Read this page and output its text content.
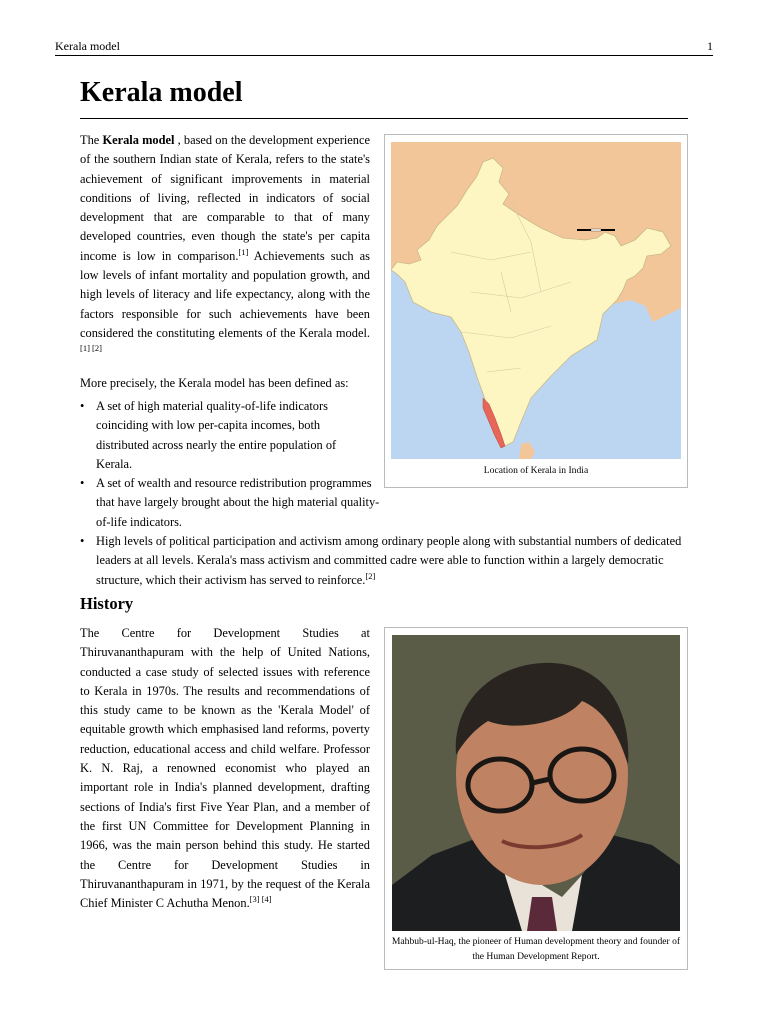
Kerala model	1
Kerala model

The Kerala model , based on the development experience of the southern Indian state of Kerala, refers to the state's achievement of significant improvements in material conditions of living, reflected in indicators of social development that are comparable to that of many developed countries, even though the state's per capita income is low in comparison.[1] Achievements such as low levels of infant mortality and population growth, and high levels of literacy and life expectancy, along with the factors responsible for such achievements have been considered the constituting elements of the Kerala model.[1] [2]

More precisely, the Kerala model has been defined as:

• A set of high material quality-of-life indicators coinciding with low per-capita incomes, both distributed across nearly the entire population of Kerala.
• A set of wealth and resource redistribution programmes that have largely brought about the high material quality-of-life indicators.
• High levels of political participation and activism among ordinary people along with substantial numbers of dedicated leaders at all levels. Kerala's mass activism and committed cadre were able to function within a largely democratic structure, which their activism has served to reinforce.[2]
Location of Kerala in India
History

The Centre for Development Studies at Thiruvananthapuram with the help of United Nations, conducted a case study of selected issues with reference to Kerala in 1970s. The results and recommendations of this study came to be known as the 'Kerala Model' of equitable growth which emphasised land reforms, poverty reduction, educational access and child welfare. Professor K. N. Raj, a renowned economist who played an important role in India's planned development, drafting sections of India's first Five Year Plan, and a member of the first UN Committee for Development Planning in 1966, was the main person behind this study. He started the Centre for Development Studies in Thiruvananthapuram in 1971, by the request of the Kerala Chief Minister C Achutha Menon.[3] [4]

Mahbub-ul-Haq, the pioneer of Human development theory and founder of the Human Development Report.
